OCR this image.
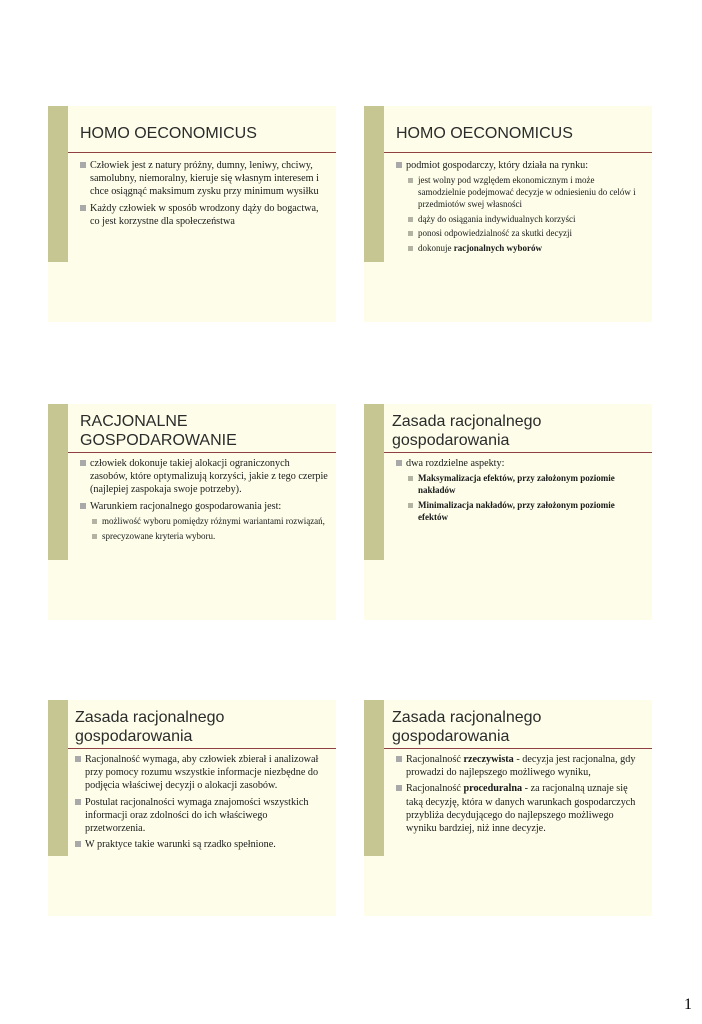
HOMO OECONOMICUS
Człowiek jest z natury próżny, dumny, leniwy, chciwy, samolubny, niemoralny, kieruje się własnym interesem i chce osiągnąć maksimum zysku przy minimum wysiłku
Każdy człowiek w sposób wrodzony dąży do bogactwa, co jest korzystne dla społeczeństwa
HOMO OECONOMICUS
podmiot gospodarczy, który działa na rynku:
jest wolny pod względem ekonomicznym i może samodzielnie podejmować decyzje w odniesieniu do celów i przedmiotów swej własności
dąży do osiągania indywidualnych korzyści
ponosi odpowiedzialność za skutki decyzji
dokonuje racjonalnych wyborów
RACJONALNE GOSPODAROWANIE
człowiek dokonuje takiej alokacji ograniczonych zasobów, które optymalizują korzyści, jakie z tego czerpie (najlepiej zaspokaja swoje potrzeby).
Warunkiem racjonalnego gospodarowania jest:
możliwość wyboru pomiędzy różnymi wariantami rozwiązań,
sprecyzowane kryteria wyboru.
Zasada racjonalnego gospodarowania
dwa rozdzielne aspekty:
Maksymalizacja efektów, przy założonym poziomie nakładów
Minimalizacja nakładów, przy założonym poziomie efektów
Zasada racjonalnego gospodarowania
Racjonalność wymaga, aby człowiek zbierał i analizował przy pomocy rozumu wszystkie informacje niezbędne do podjęcia właściwej decyzji o alokacji zasobów.
Postulat racjonalności wymaga znajomości wszystkich informacji oraz zdolności do ich właściwego przetworzenia.
W praktyce takie warunki są rzadko spełnione.
Zasada racjonalnego gospodarowania
Racjonalność rzeczywista - decyzja jest racjonalna, gdy prowadzi do najlepszego możliwego wyniku,
Racjonalność proceduralna - za racjonalną uznaje się taką decyzję, która w danych warunkach gospodarczych przybliża decydującego do najlepszego możliwego wyniku bardziej, niż inne decyzje.
1
